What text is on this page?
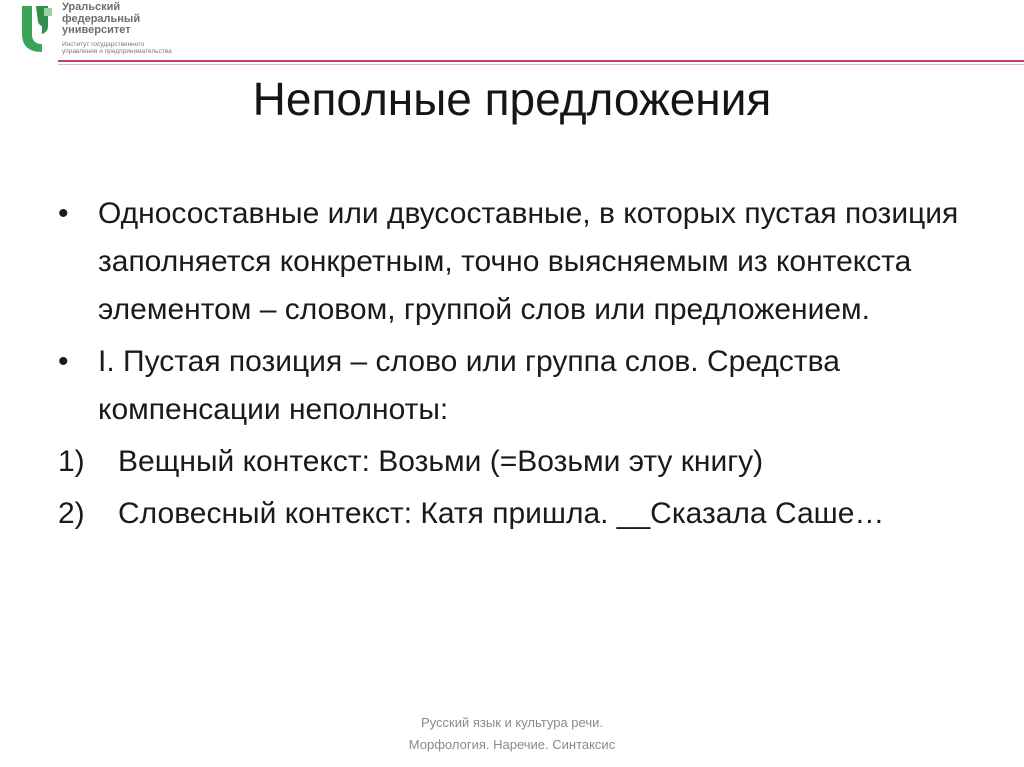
Уральский
федеральный
университет
Институт государственного
управления и предпринимательства
Неполные предложения
• Односоставные или двусоставные, в которых пустая позиция заполняется конкретным, точно выясняемым из контекста элементом – словом, группой слов или предложением.
• I. Пустая позиция – слово или группа слов. Средства компенсации неполноты:
1)	Вещный контекст: Возьми (=Возьми эту книгу)
2)	Словесный контекст: Катя пришла. __Сказала Саше…
Русский язык и культура речи.
Морфология. Наречие. Синтаксис
